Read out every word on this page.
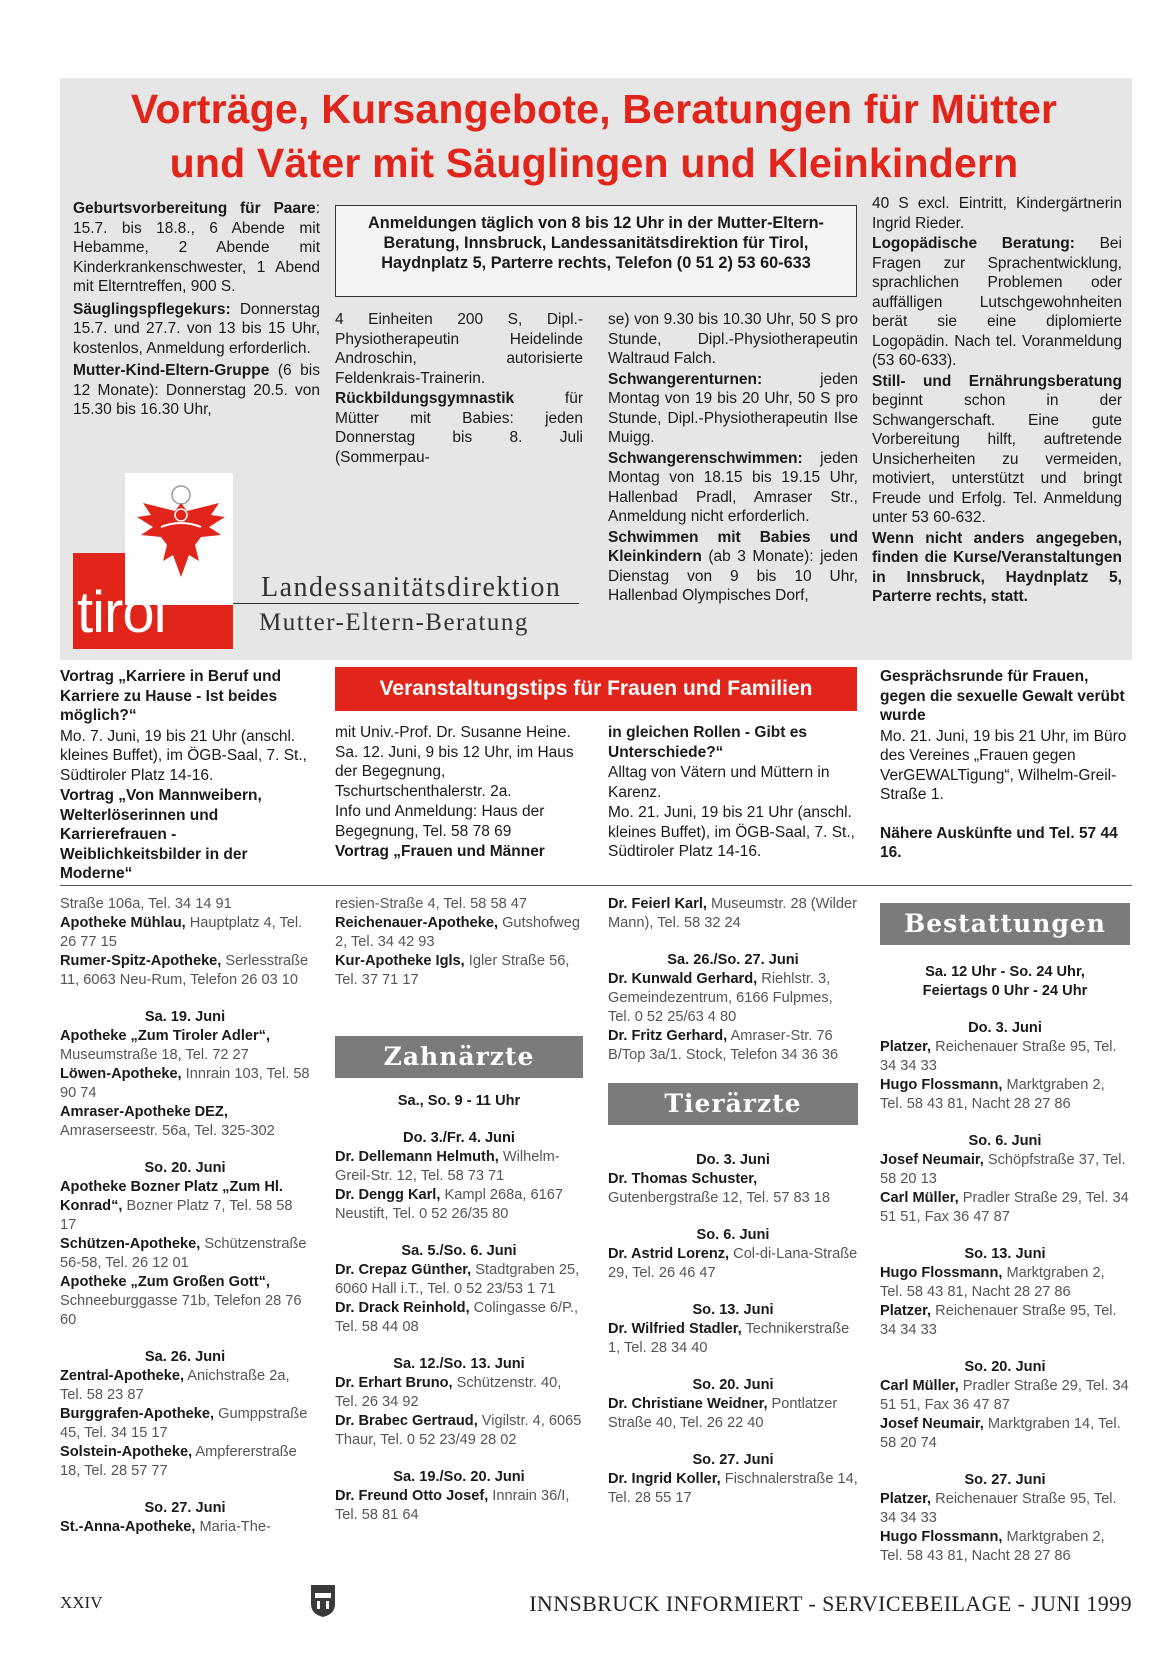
Vorträge, Kursangebote, Beratungen für Mütter
und Väter mit Säuglingen und Kleinkindern
Anmeldungen täglich von 8 bis 12 Uhr in der Mutter-Eltern-Beratung, Innsbruck, Landessanitätsdirektion für Tirol, Haydnplatz 5, Parterre rechts, Telefon (0 51 2) 53 60-633

Geburtsvorbereitung für Paare: 15.7. bis 18.8., 6 Abende mit Hebamme, 2 Abende mit Kinderkrankenschwester, 1 Abend mit Elterntreffen, 900 S.

Säuglingspflegekurs: Donnerstag 15.7. und 27.7. von 13 bis 15 Uhr, kostenlos, Anmeldung erforderlich.

Mutter-Kind-Eltern-Gruppe (6 bis 12 Monate): Donnerstag 20.5. von 15.30 bis 16.30 Uhr,

4 Einheiten 200 S, Dipl.-Physiotherapeutin Heidelinde Androschin, autorisierte Feldenkrais-Trainerin.

Rückbildungsgymnastik für Mütter mit Babies: jeden Donnerstag bis 8. Juli (Sommerpau-

se) von 9.30 bis 10.30 Uhr, 50 S pro Stunde, Dipl.-Physiotherapeutin Waltraud Falch.

Schwangerenturnen: jeden Montag von 19 bis 20 Uhr, 50 S pro Stunde, Dipl.-Physiotherapeutin Ilse Muigg.

Schwangerenschwimmen: jeden Montag von 18.15 bis 19.15 Uhr, Hallenbad Pradl, Amraser Str., Anmeldung nicht erforderlich.

Schwimmen mit Babies und Kleinkindern (ab 3 Monate): jeden Dienstag von 9 bis 10 Uhr, Hallenbad Olympisches Dorf,

40 S excl. Eintritt, Kindergärtnerin Ingrid Rieder.

Logopädische Beratung: Bei Fragen zur Sprachentwicklung, sprachlichen Problemen oder auffälligen Lutschgewohnheiten berät sie eine diplomierte Logopädin. Nach tel. Voranmeldung (53 60-633).

Still- und Ernährungsberatung beginnt schon in der Schwangerschaft. Eine gute Vorbereitung hilft, auftretende Unsicherheiten zu vermeiden, motiviert, unterstützt und bringt Freude und Erfolg. Tel. Anmeldung unter 53 60-632.

Wenn nicht anders angegeben, finden die Kurse/Veranstaltungen in Innsbruck, Haydnplatz 5, Parterre rechts, statt.

tirol	Landessanitätsdirektion
Mutter-Eltern-Beratung

Vortrag „Karriere in Beruf und Karriere zu Hause - Ist beides möglich?“

Mo. 7. Juni, 19 bis 21 Uhr (anschl. kleines Buffet), im ÖGB-Saal, 7. St., Südtiroler Platz 14-16.

Vortrag „Von Mannweibern, Welterlöserinnen und Karrierefrauen - Weiblichkeitsbilder in der Moderne“

Veranstaltungstips für Frauen und Familien

mit Univ.-Prof. Dr. Susanne Heine. Sa. 12. Juni, 9 bis 12 Uhr, im Haus der Begegnung, Tschurtschenthalerstr. 2a.

Info und Anmeldung: Haus der Begegnung, Tel. 58 78 69

Vortrag „Frauen und Männer

in gleichen Rollen - Gibt es Unterschiede?“

Alltag von Vätern und Müttern in Karenz.

Mo. 21. Juni, 19 bis 21 Uhr (anschl. kleines Buffet), im ÖGB-Saal, 7. St., Südtiroler Platz 14-16.

Gesprächsrunde für Frauen, gegen die sexuelle Gewalt verübt wurde

Mo. 21. Juni, 19 bis 21 Uhr, im Büro des Vereines „Frauen gegen VerGEWALTigung“, Wilhelm-Greil-Straße 1.

Nähere Auskünfte und Tel. 57 44 16.

Straße 106a, Tel. 34 14 91

Apotheke Mühlau, Hauptplatz 4, Tel. 26 77 15

Rumer-Spitz-Apotheke, Serlesstraße 11, 6063 Neu-Rum, Telefon 26 03 10

Sa. 19. Juni

Apotheke „Zum Tiroler Adler“, Museumstraße 18, Tel. 72 27

Löwen-Apotheke, Innrain 103, Tel. 58 90 74

Amraser-Apotheke DEZ, Amraserseestr. 56a, Tel. 325-302

So. 20. Juni

Apotheke Bozner Platz „Zum Hl. Konrad“, Bozner Platz 7, Tel. 58 58 17

Schützen-Apotheke, Schützenstraße 56-58, Tel. 26 12 01

Apotheke „Zum Großen Gott“, Schneeburggasse 71b, Telefon 28 76 60

Sa. 26. Juni

Zentral-Apotheke, Anichstraße 2a, Tel. 58 23 87

Burggrafen-Apotheke, Gumppstraße 45, Tel. 34 15 17

Solstein-Apotheke, Ampfererstraße 18, Tel. 28 57 77

So. 27. Juni

St.-Anna-Apotheke, Maria-The-

resien-Straße 4, Tel. 58 58 47

Reichenauer-Apotheke, Gutshofweg 2, Tel. 34 42 93

Kur-Apotheke Igls, Igler Straße 56, Tel. 37 71 17

Zahnärzte

Sa., So. 9 - 11 Uhr

Do. 3./Fr. 4. Juni

Dr. Dellemann Helmuth, Wilhelm-Greil-Str. 12, Tel. 58 73 71

Dr. Dengg Karl, Kampl 268a, 6167 Neustift, Tel. 0 52 26/35 80

Sa. 5./So. 6. Juni

Dr. Crepaz Günther, Stadtgraben 25, 6060 Hall i.T., Tel. 0 52 23/53 1 71

Dr. Drack Reinhold, Colingasse 6/P., Tel. 58 44 08

Sa. 12./So. 13. Juni

Dr. Erhart Bruno, Schützenstr. 40, Tel. 26 34 92

Dr. Brabec Gertraud, Vigilstr. 4, 6065 Thaur, Tel. 0 52 23/49 28 02

Sa. 19./So. 20. Juni

Dr. Freund Otto Josef, Innrain 36/I, Tel. 58 81 64

Dr. Feierl Karl, Museumstr. 28 (Wilder Mann), Tel. 58 32 24

Sa. 26./So. 27. Juni

Dr. Kunwald Gerhard, Riehlstr. 3, Gemeindezentrum, 6166 Fulpmes, Tel. 0 52 25/63 4 80

Dr. Fritz Gerhard, Amraser-Str. 76 B/Top 3a/1. Stock, Telefon 34 36 36

Tierärzte

Do. 3. Juni

Dr. Thomas Schuster, Gutenbergstraße 12, Tel. 57 83 18

So. 6. Juni

Dr. Astrid Lorenz, Col-di-Lana-Straße 29, Tel. 26 46 47

So. 13. Juni

Dr. Wilfried Stadler, Technikerstraße 1, Tel. 28 34 40

So. 20. Juni

Dr. Christiane Weidner, Pontlatzer Straße 40, Tel. 26 22 40

So. 27. Juni

Dr. Ingrid Koller, Fischnalerstraße 14, Tel. 28 55 17

Bestattungen

Sa. 12 Uhr - So. 24 Uhr,

Feiertags 0 Uhr - 24 Uhr

Do. 3. Juni

Platzer, Reichenauer Straße 95, Tel. 34 34 33

Hugo Flossmann, Marktgraben 2, Tel. 58 43 81, Nacht 28 27 86

So. 6. Juni

Josef Neumair, Schöpfstraße 37, Tel. 58 20 13

Carl Müller, Pradler Straße 29, Tel. 34 51 51, Fax 36 47 87

So. 13. Juni

Hugo Flossmann, Marktgraben 2, Tel. 58 43 81, Nacht 28 27 86

Platzer, Reichenauer Straße 95, Tel. 34 34 33

So. 20. Juni

Carl Müller, Pradler Straße 29, Tel. 34 51 51, Fax 36 47 87

Josef Neumair, Marktgraben 14, Tel. 58 20 74

So. 27. Juni

Platzer, Reichenauer Straße 95, Tel. 34 34 33

Hugo Flossmann, Marktgraben 2, Tel. 58 43 81, Nacht 28 27 86

XXIV	INNSBRUCK INFORMIERT - SERVICEBEILAGE - JUNI 1999
